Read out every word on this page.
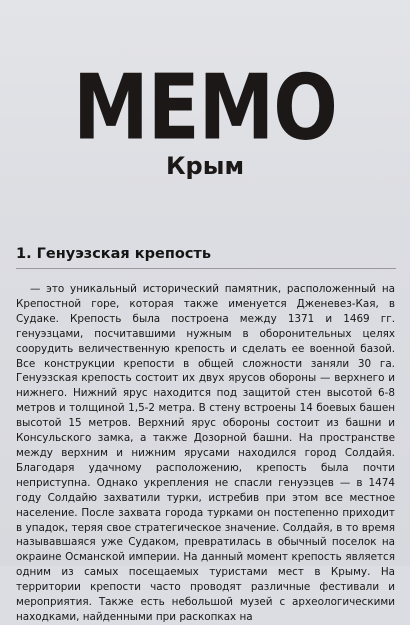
MEMO
Крым
1. Генуэзская крепость

— это уникальный исторический памятник, расположенный на Крепостной горе, которая также именуется Дженевез-Кая, в Судаке. Крепость была построена между 1371 и 1469 гг. генуэзцами, посчитавшими нужным в оборонительных целях соорудить величественную крепость и сделать ее военной базой. Все конструкции крепости в общей сложности заняли 30 га. Генуэзская крепость состоит их двух ярусов обороны — верхнего и нижнего. Нижний ярус находится под защитой стен высотой 6-8 метров и толщиной 1,5-2 метра. В стену встроены 14 боевых башен высотой 15 метров. Верхний ярус обороны состоит из башни и Консульского замка, а также Дозорной башни. На пространстве между верхним и нижним ярусами находился город Солдайя. Благодаря удачному расположению, крепость была почти неприступна. Однако укрепления не спасли генуэзцев — в 1474 году Солдайю захватили турки, истребив при этом все местное население. После захвата города турками он постепенно приходит в упадок, теряя свое стратегическое значение. Солдайя, в то время называвшаяся уже Судаком, превратилась в обычный поселок на окраине Османской империи. На данный момент крепость является одним из самых посещаемых туристами мест в Крыму. На территории крепости часто проводят различные фестивали и мероприятия. Также есть небольшой музей с археологическими находками, найденными при раскопках на
